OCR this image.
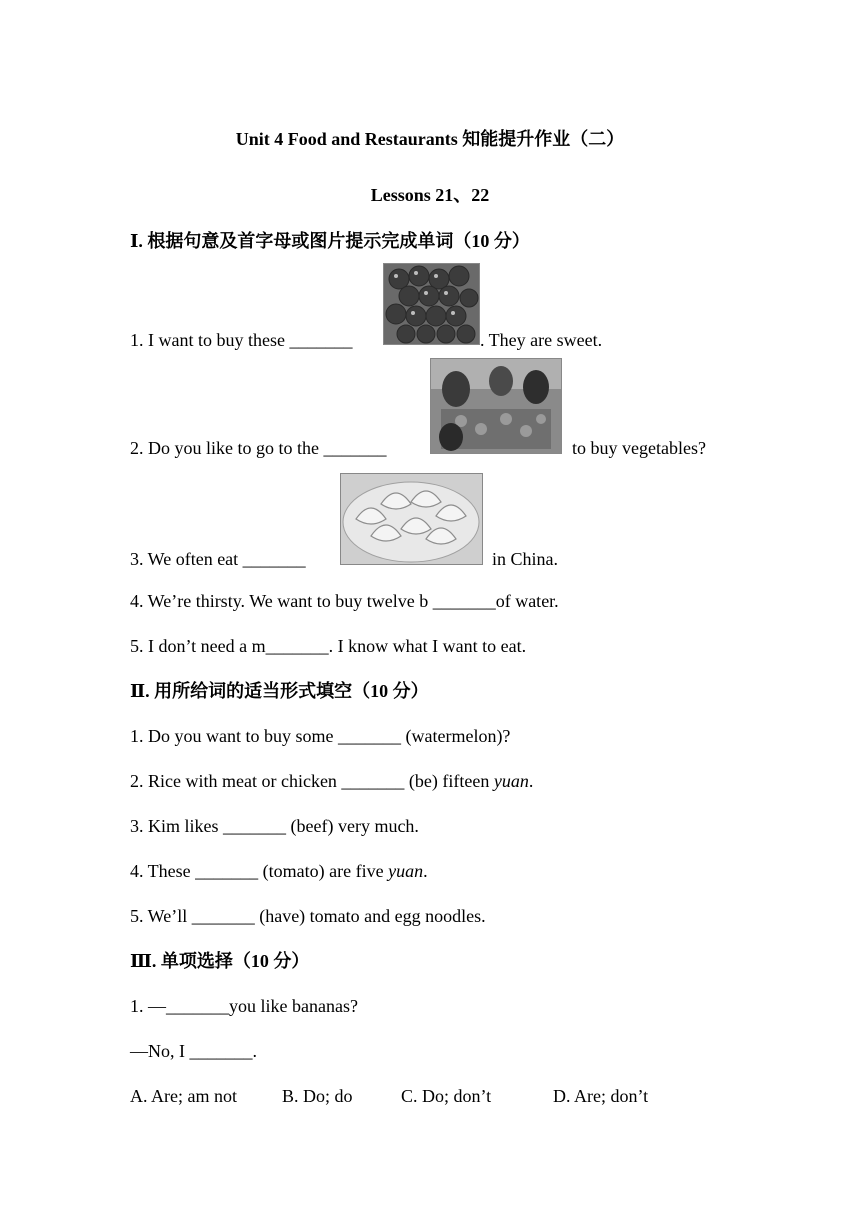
Unit 4 Food and Restaurants 知能提升作业（二）
Lessons 21、22
Ⅰ. 根据句意及首字母或图片提示完成单词（10 分）
1. I want to buy these _______	. They are sweet.
2. Do you like to go to the _______	to buy vegetables?
3. We often eat _______	in China.
4. We’re thirsty. We want to buy twelve b _______of water.
5. I don’t need a m_______. I know what I want to eat.
Ⅱ. 用所给词的适当形式填空（10 分）
1. Do you want to buy some _______ (watermelon)?
2. Rice with meat or chicken _______ (be) fifteen yuan.
3. Kim likes _______ (beef) very much.
4. These _______ (tomato) are five yuan.
5. We’ll _______ (have) tomato and egg noodles.
Ⅲ. 单项选择（10 分）
1. —_______you like bananas?
—No, I _______.
A. Are; am not	B. Do; do	C. Do; don’t	D. Are; don’t
